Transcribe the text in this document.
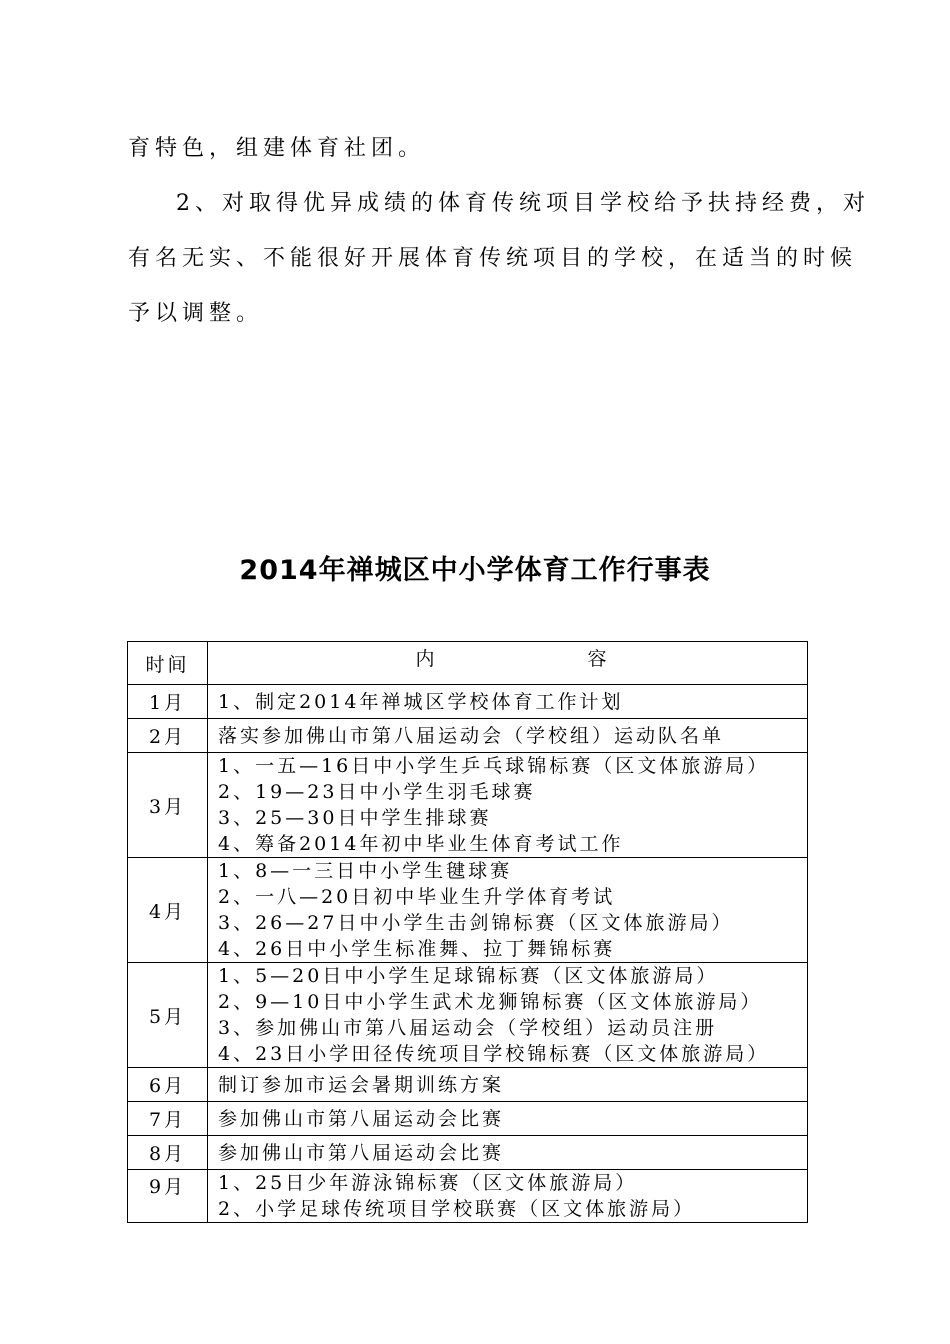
育特色，组建体育社团。

2、对取得优异成绩的体育传统项目学校给予扶持经费，对
有名无实、不能很好开展体育传统项目的学校，在适当的时候
予以调整。

2014年禅城区中小学体育工作行事表
时间	内 容
1月	1、制定2014年禅城区学校体育工作计划

2月	落实参加佛山市第八届运动会（学校组）运动队名单

3月	1、一五—16日中小学生乒乓球锦标赛（区文体旅游局）
2、19—23日中小学生羽毛球赛
3、25—30日中学生排球赛
4、筹备2014年初中毕业生体育考试工作

4月	1、8—一三日中小学生毽球赛
2、一八—20日初中毕业生升学体育考试
3、26—27日中小学生击剑锦标赛（区文体旅游局）
4、26日中小学生标准舞、拉丁舞锦标赛

5月	1、5—20日中小学生足球锦标赛（区文体旅游局）
2、9—10日中小学生武术龙狮锦标赛（区文体旅游局）
3、参加佛山市第八届运动会（学校组）运动员注册
4、23日小学田径传统项目学校锦标赛（区文体旅游局）

6月	制订参加市运会暑期训练方案

7月	参加佛山市第八届运动会比赛

8月	参加佛山市第八届运动会比赛

9月	1、25日少年游泳锦标赛（区文体旅游局）
2、小学足球传统项目学校联赛（区文体旅游局）
